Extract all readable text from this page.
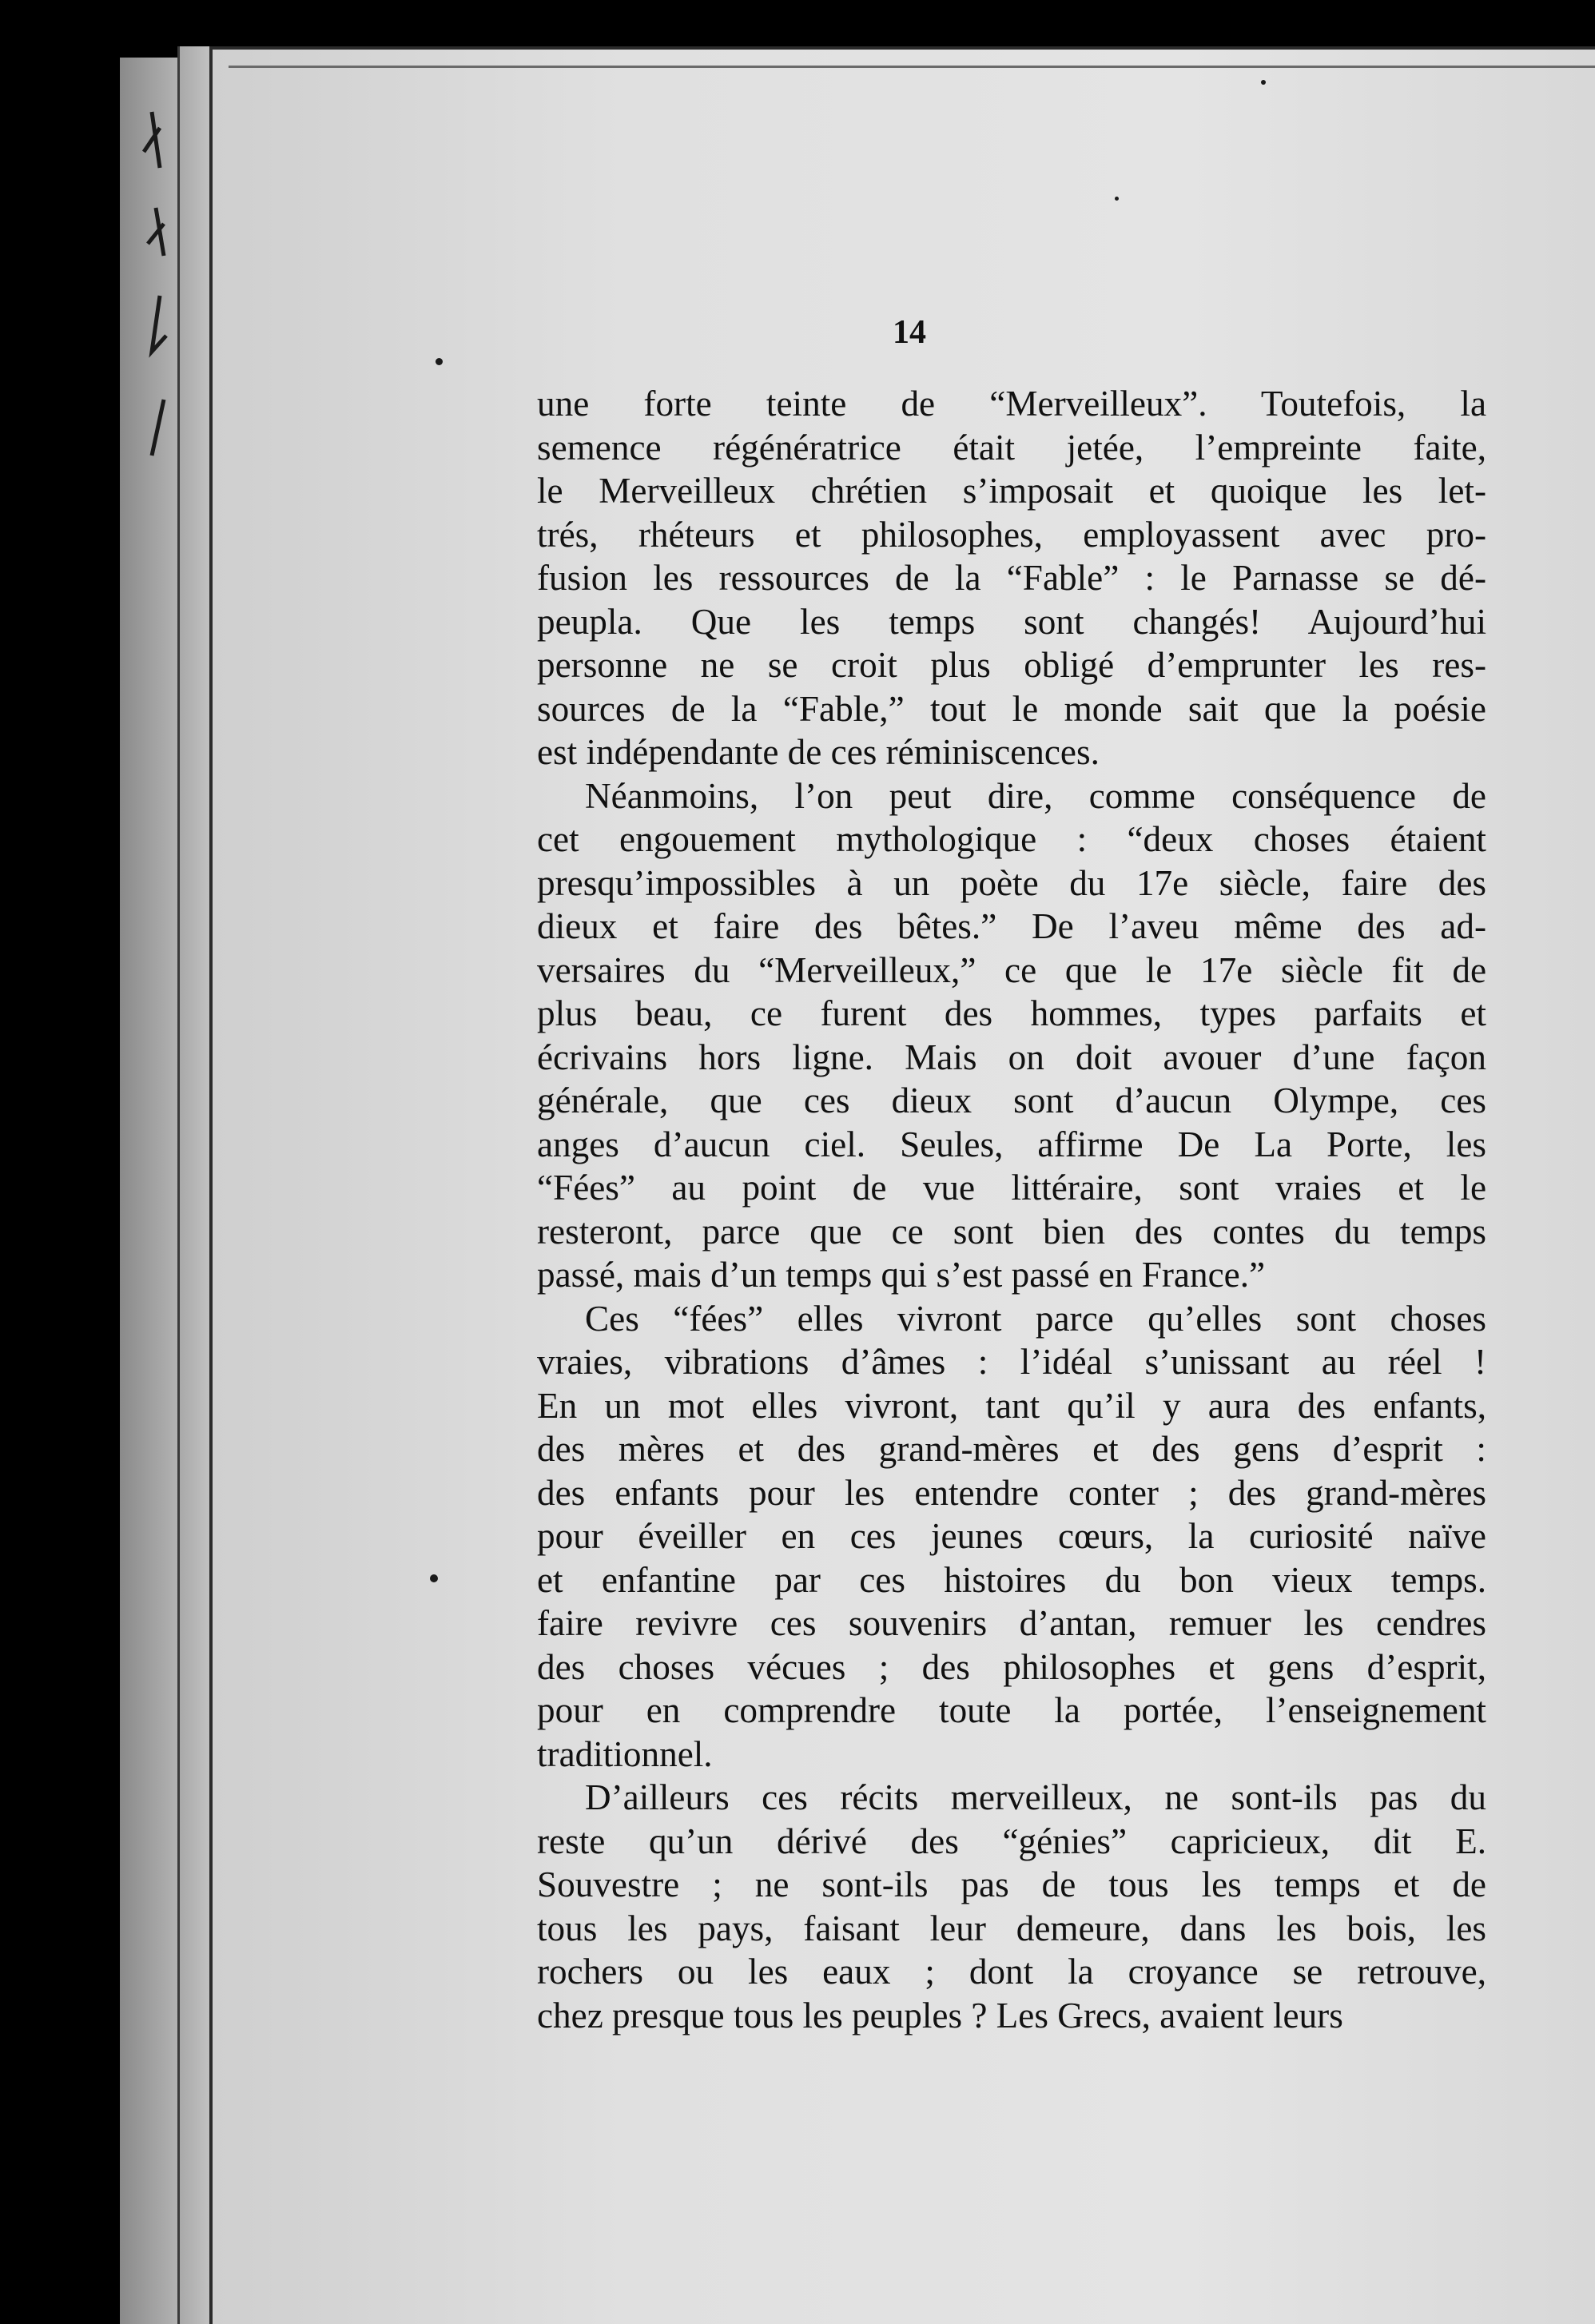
14
une forte teinte de “Merveilleux”. Toutefois, la
semence régénératrice était jetée, l’empreinte faite,
le Merveilleux chrétien s’imposait et quoique les let-
trés, rhéteurs et philosophes, employassent avec pro-
fusion les ressources de la “Fable” : le Parnasse se dé-
peupla. Que les temps sont changés! Aujourd’hui
personne ne se croit plus obligé d’emprunter les res-
sources de la “Fable,” tout le monde sait que la poésie
est indépendante de ces réminiscences.
Néanmoins, l’on peut dire, comme conséquence de
cet engouement mythologique : “deux choses étaient
presqu’impossibles à un poète du 17e siècle, faire des
dieux et faire des bêtes.” De l’aveu même des ad-
versaires du “Merveilleux,” ce que le 17e siècle fit de
plus beau, ce furent des hommes, types parfaits et
écrivains hors ligne. Mais on doit avouer d’une façon
générale, que ces dieux sont d’aucun Olympe, ces
anges d’aucun ciel. Seules, affirme De La Porte, les
“Fées” au point de vue littéraire, sont vraies et le
resteront, parce que ce sont bien des contes du temps
passé, mais d’un temps qui s’est passé en France.”
Ces “fées” elles vivront parce qu’elles sont choses
vraies, vibrations d’âmes : l’idéal s’unissant au réel !
En un mot elles vivront, tant qu’il y aura des enfants,
des mères et des grand-mères et des gens d’esprit :
des enfants pour les entendre conter ; des grand-mères
pour éveiller en ces jeunes cœurs, la curiosité naïve
et enfantine par ces histoires du bon vieux temps.
faire revivre ces souvenirs d’antan, remuer les cendres
des choses vécues ; des philosophes et gens d’esprit,
pour en comprendre toute la portée, l’enseignement
traditionnel.
D’ailleurs ces récits merveilleux, ne sont-ils pas du
reste qu’un dérivé des “génies” capricieux, dit E.
Souvestre ; ne sont-ils pas de tous les temps et de
tous les pays, faisant leur demeure, dans les bois, les
rochers ou les eaux ; dont la croyance se retrouve,
chez presque tous les peuples ? Les Grecs, avaient leurs
